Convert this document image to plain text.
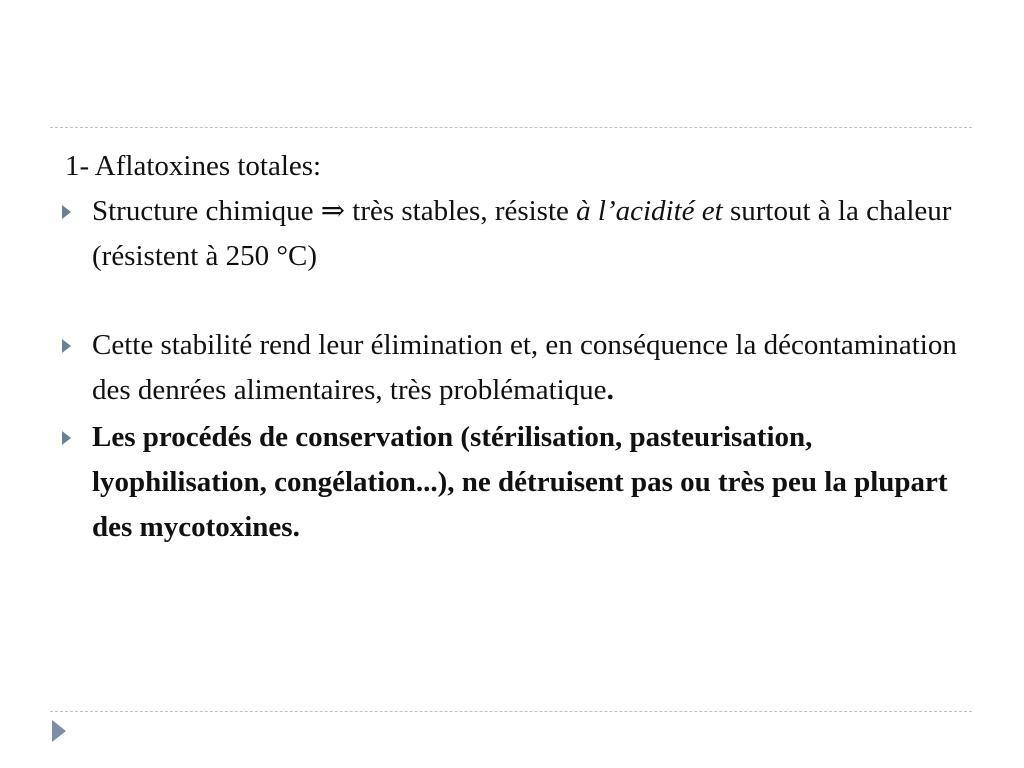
1- Aflatoxines totales:

Structure chimique ⇒ très stables, résiste à l’acidité et surtout à la chaleur (résistent à 250 °C)

Cette stabilité rend leur élimination et, en conséquence la décontamination des denrées alimentaires, très problématique.

Les procédés de conservation (stérilisation, pasteurisation, lyophilisation, congélation...), ne détruisent pas ou très peu la plupart des mycotoxines.
